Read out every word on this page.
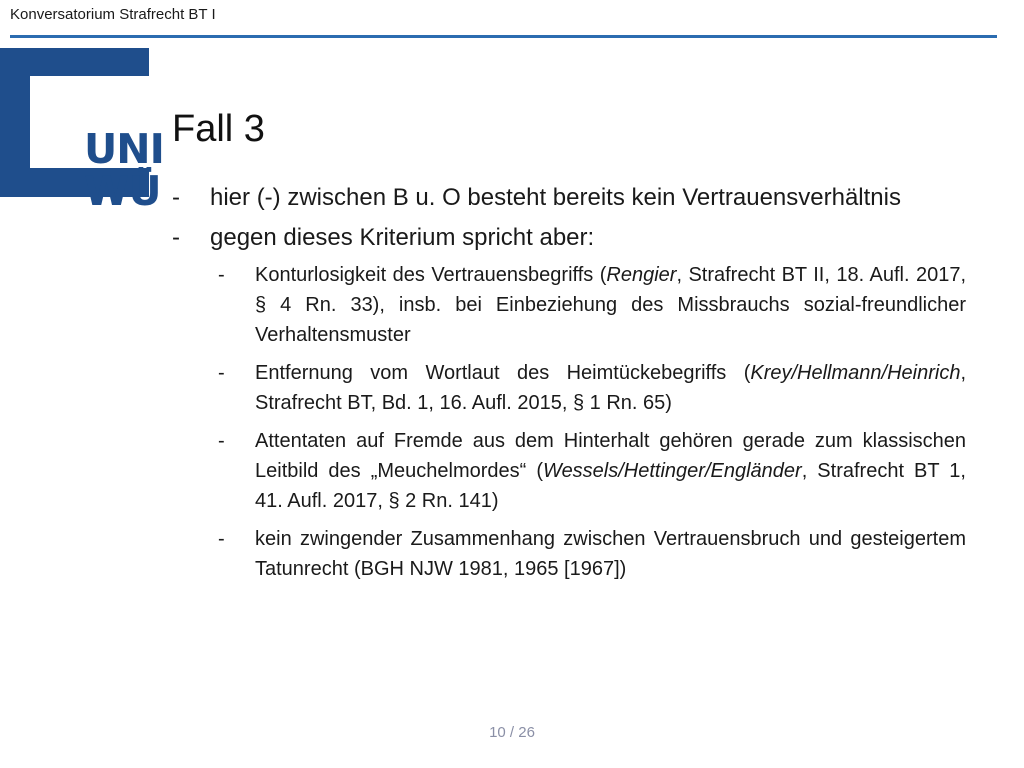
Konversatorium Strafrecht BT I
UNI
WÜ
Fall 3
- hier (-) zwischen B u. O besteht bereits kein Vertrauensverhältnis
- gegen dieses Kriterium spricht aber:
- Konturlosigkeit des Vertrauensbegriffs (Rengier, Strafrecht BT II, 18. Aufl. 2017, § 4 Rn. 33), insb. bei Einbeziehung des Missbrauchs sozial-freundlicher Verhaltensmuster
- Entfernung vom Wortlaut des Heimtückebegriffs (Krey/Hellmann/Heinrich, Strafrecht BT, Bd. 1, 16. Aufl. 2015, § 1 Rn. 65)
- Attentaten auf Fremde aus dem Hinterhalt gehören gerade zum klassischen Leitbild des „Meuchelmordes“ (Wessels/Hettinger/Engländer, Strafrecht BT 1, 41. Aufl. 2017, § 2 Rn. 141)
- kein zwingender Zusammenhang zwischen Vertrauensbruch und gesteigertem Tatunrecht (BGH NJW 1981, 1965 [1967])
10 / 26
